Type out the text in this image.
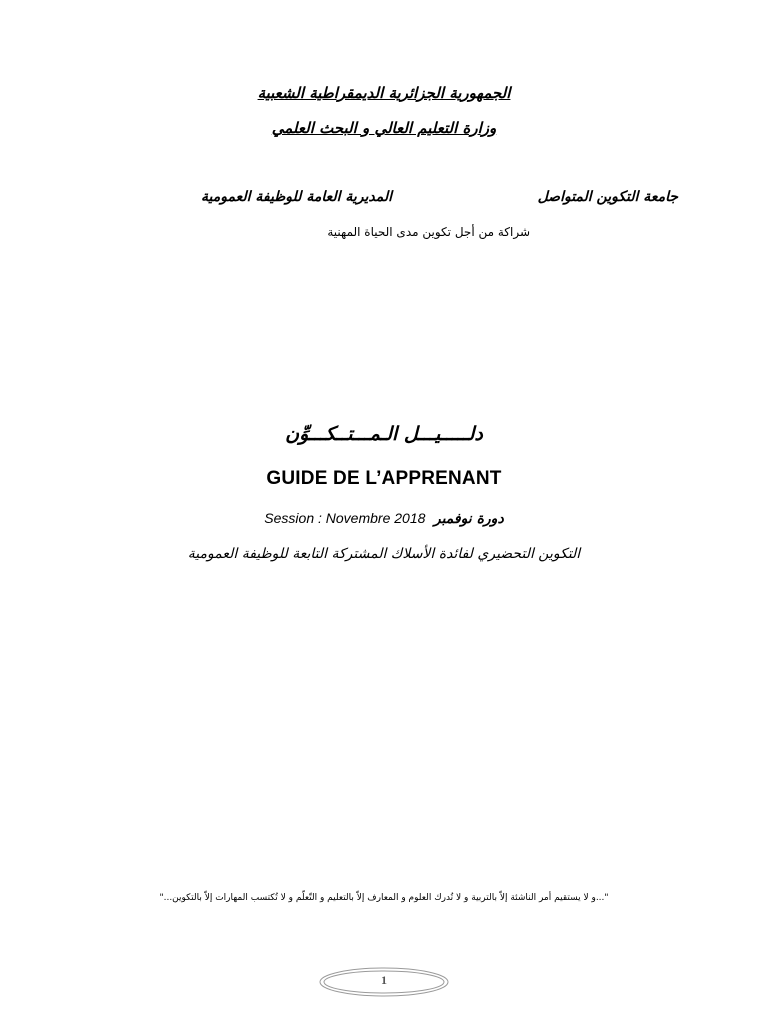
الجمهورية الجزائرية الديمقراطية الشعبية
وزارة التعليم العالي و البحث العلمي
جامعة التكوين المتواصل
المديرية العامة للوظيفة العمومية
شراكة من أجل تكوين مدى الحياة المهنية
دلـــــيـــل الـمـــتــكـــوِّن
GUIDE DE L’APPRENANT
Session : Novembre 2018 دورة نوفمبر
التكوين التحضيري لفائدة الأسلاك المشتركة التابعة للوظيفة العمومية
"...و لا يستقيم أمر الناشئة إلاّ بالتربية و لا تُدرك العلوم و المعارف إلاّ بالتعليم و التّعلّم و لا تُكتسب المهارات إلاّ بالتكوين..."
1
